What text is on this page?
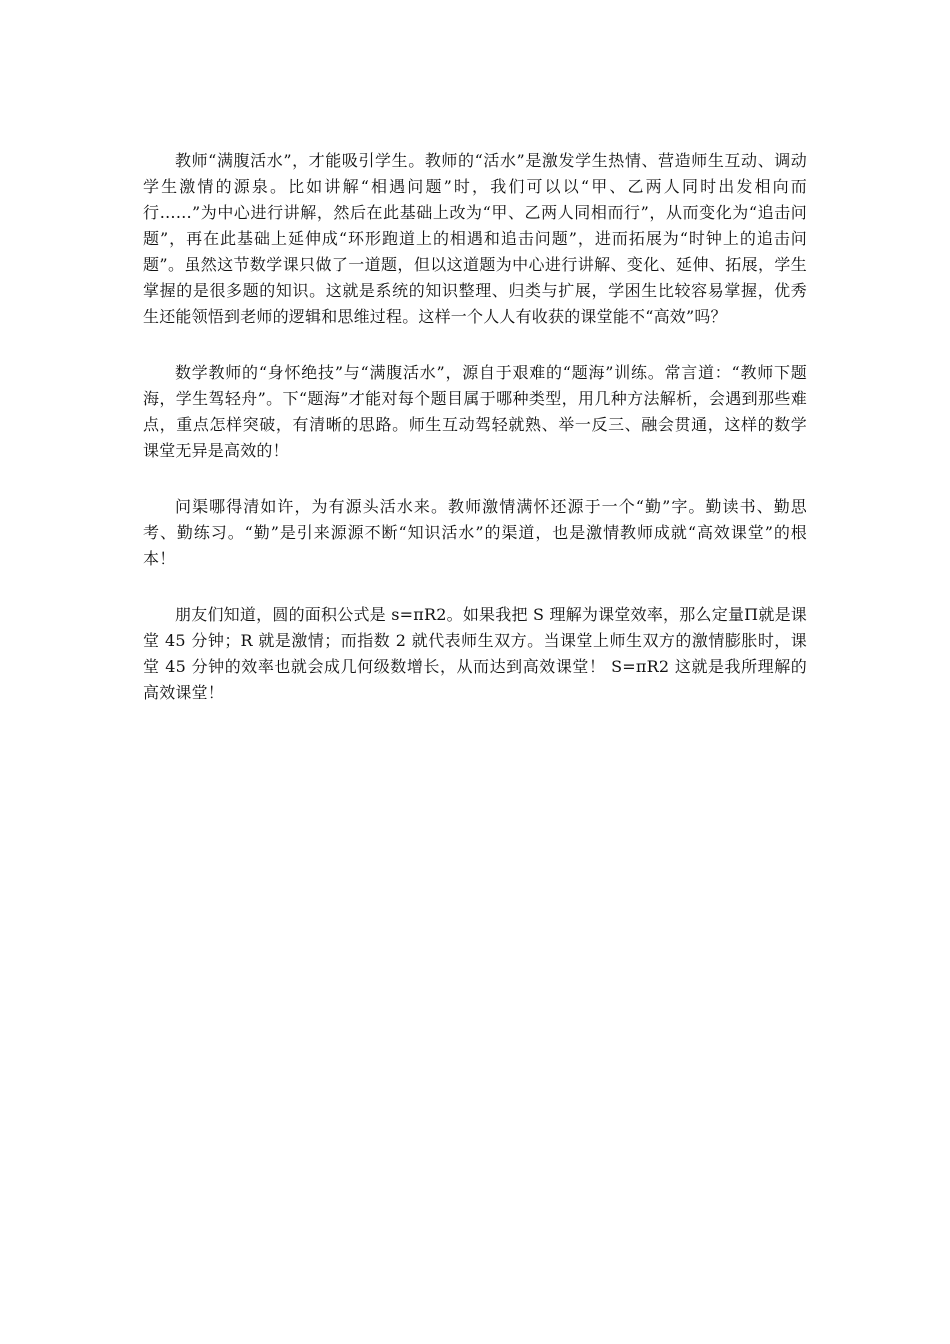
教师“满腹活水”，才能吸引学生。教师的“活水”是激发学生热情、营造师生互动、调动学生激情的源泉。比如讲解“相遇问题”时，我们可以以“甲、乙两人同时出发相向而行……”为中心进行讲解，然后在此基础上改为“甲、乙两人同相而行”，从而变化为“追击问题”，再在此基础上延伸成“环形跑道上的相遇和追击问题”，进而拓展为“时钟上的追击问题”。虽然这节数学课只做了一道题，但以这道题为中心进行讲解、变化、延伸、拓展，学生掌握的是很多题的知识。这就是系统的知识整理、归类与扩展，学困生比较容易掌握，优秀生还能领悟到老师的逻辑和思维过程。这样一个人人有收获的课堂能不“高效”吗？

数学教师的“身怀绝技”与“满腹活水”，源自于艰难的“题海”训练。常言道：“教师下题海，学生驾轻舟”。下“题海”才能对每个题目属于哪种类型，用几种方法解析，会遇到那些难点，重点怎样突破，有清晰的思路。师生互动驾轻就熟、举一反三、融会贯通，这样的数学课堂无异是高效的！

问渠哪得清如许，为有源头活水来。教师激情满怀还源于一个“勤”字。勤读书、勤思考、勤练习。“勤”是引来源源不断“知识活水”的渠道，也是激情教师成就“高效课堂”的根本！

朋友们知道，圆的面积公式是 s=πR2。如果我把 S 理解为课堂效率，那么定量Π就是课堂 45 分钟；R 就是激情；而指数 2 就代表师生双方。当课堂上师生双方的激情膨胀时，课堂 45 分钟的效率也就会成几何级数增长，从而达到高效课堂！ S=πR2 这就是我所理解的高效课堂！
